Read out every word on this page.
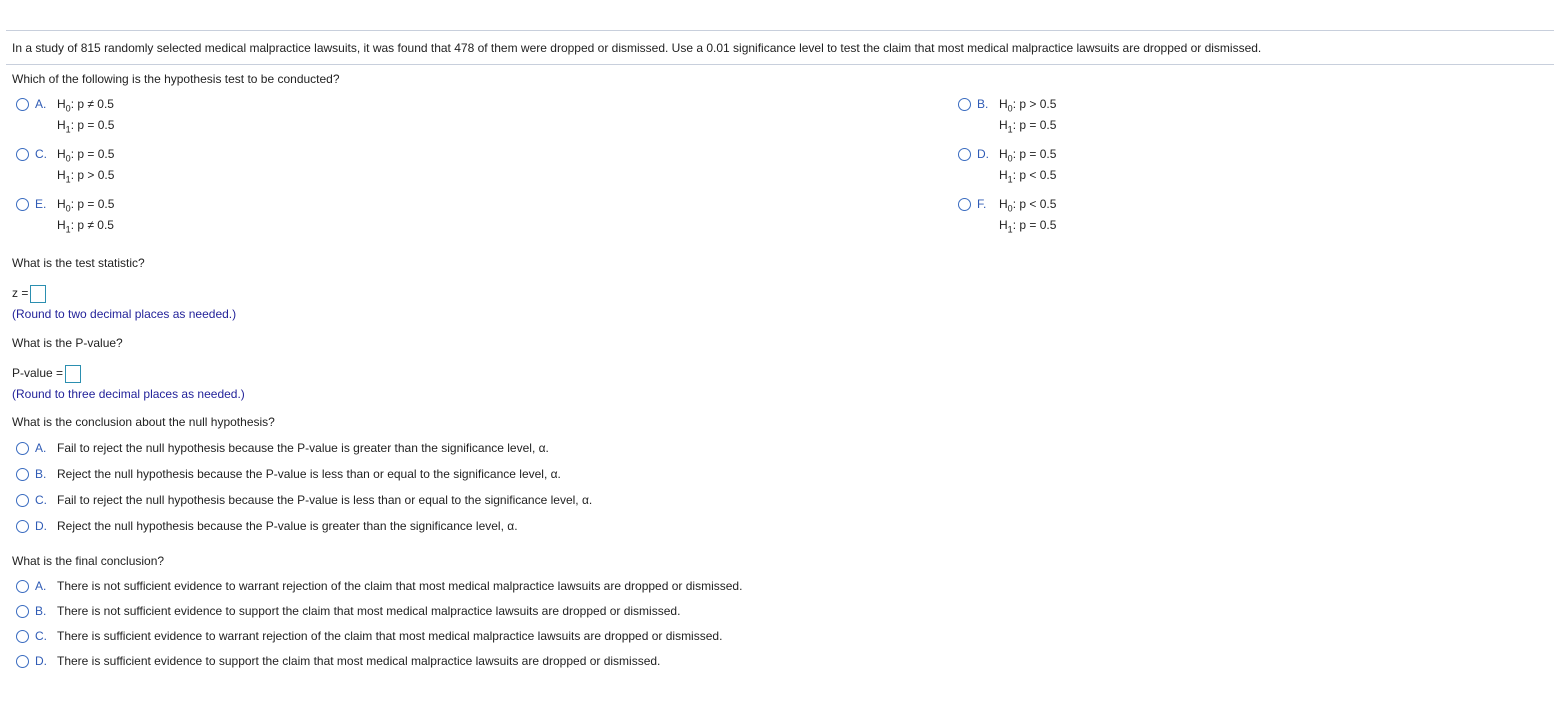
In a study of 815 randomly selected medical malpractice lawsuits, it was found that 478 of them were dropped or dismissed. Use a 0.01 significance level to test the claim that most medical malpractice lawsuits are dropped or dismissed.
Which of the following is the hypothesis test to be conducted?
A. $H_0$: p ≠ 0.5
$H_1$: p = 0.5
B. $H_0$: p > 0.5
$H_1$: p = 0.5
C. $H_0$: p = 0.5
$H_1$: p > 0.5
D. $H_0$: p = 0.5
$H_1$: p < 0.5
E. $H_0$: p = 0.5
$H_1$: p ≠ 0.5
F.	$H_0$: p < 0.5
$H_1$: p = 0.5
What is the test statistic?
z =
(Round to two decimal places as needed.)
What is the P-value?
P-value =
(Round to three decimal places as needed.)
What is the conclusion about the null hypothesis?
A. Fail to reject the null hypothesis because the P-value is greater than the significance level, α.
B. Reject the null hypothesis because the P-value is less than or equal to the significance level, α.
C. Fail to reject the null hypothesis because the P-value is less than or equal to the significance level, α.
D. Reject the null hypothesis because the P-value is greater than the significance level, α.
What is the final conclusion?
A. There is not sufficient evidence to warrant rejection of the claim that most medical malpractice lawsuits are dropped or dismissed.
B. There is not sufficient evidence to support the claim that most medical malpractice lawsuits are dropped or dismissed.
C. There is sufficient evidence to warrant rejection of the claim that most medical malpractice lawsuits are dropped or dismissed.
D. There is sufficient evidence to support the claim that most medical malpractice lawsuits are dropped or dismissed.
